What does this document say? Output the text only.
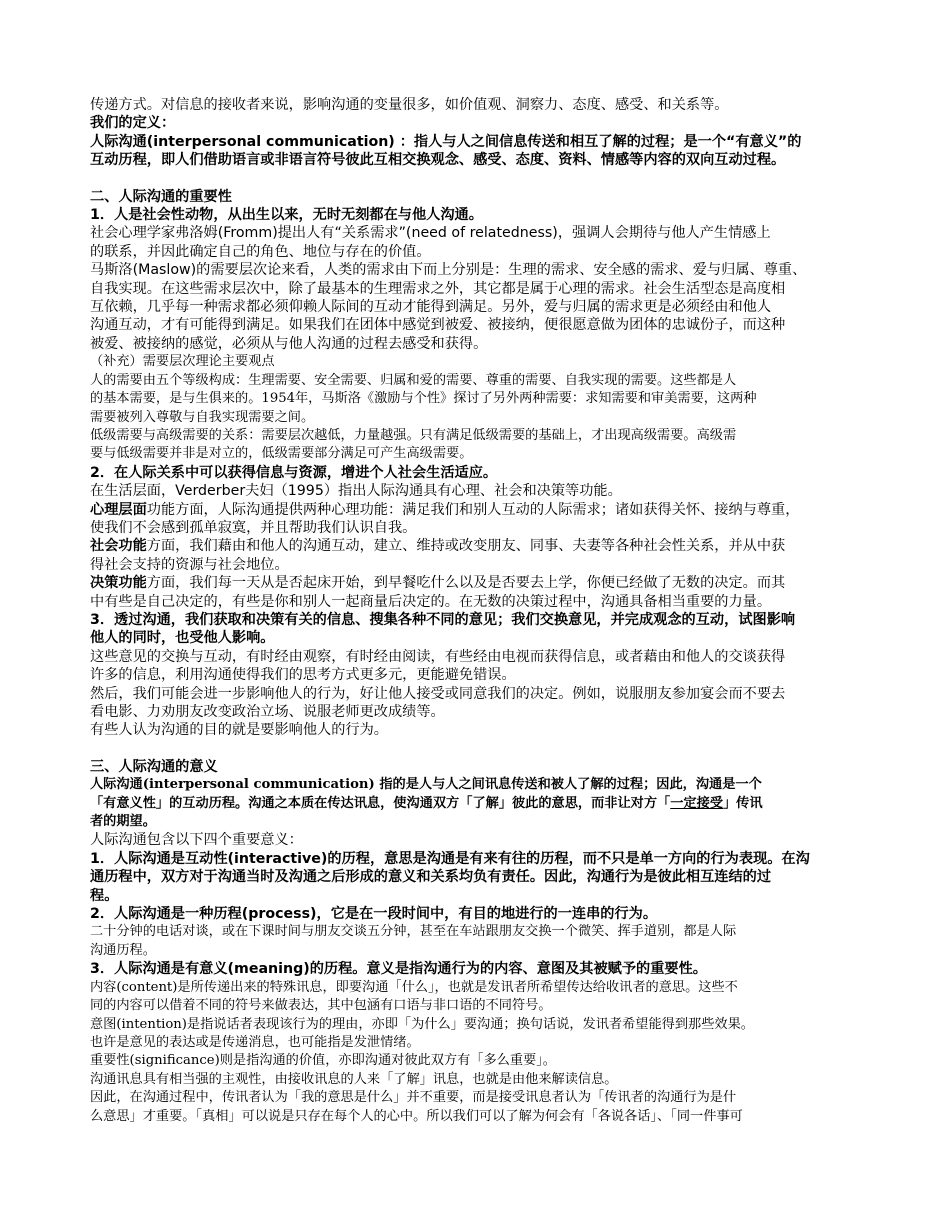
传递方式。对信息的接收者来说，影响沟通的变量很多，如价值观、洞察力、态度、感受、和关系等。
我们的定义：
人际沟通(interpersonal communication) ：指人与人之间信息传送和相互了解的过程；是一个“有意义”的
互动历程，即人们借助语言或非语言符号彼此互相交换观念、感受、态度、资料、情感等内容的双向互动过程。
二、人际沟通的重要性
1．人是社会性动物，从出生以来，无时无刻都在与他人沟通。
社会心理学家弗洛姆(Fromm)提出人有“关系需求”(need of relatedness)，强调人会期待与他人产生情感上
的联系，并因此确定自己的角色、地位与存在的价值。
马斯洛(Maslow)的需要层次论来看，人类的需求由下而上分别是：生理的需求、安全感的需求、爱与归属、尊重、
自我实现。在这些需求层次中，除了最基本的生理需求之外，其它都是属于心理的需求。社会生活型态是高度相
互依赖，几乎每一种需求都必须仰赖人际间的互动才能得到满足。另外，爱与归属的需求更是必须经由和他人
沟通互动，才有可能得到满足。如果我们在团体中感觉到被爱、被接纳，便很愿意做为团体的忠诚份子，而这种
被爱、被接纳的感觉，必须从与他人沟通的过程去感受和获得。
（补充）需要层次理论主要观点
人的需要由五个等级构成：生理需要、安全需要、归属和爱的需要、尊重的需要、自我实现的需要。这些都是人
的基本需要，是与生俱来的。1954年，马斯洛《激励与个性》探讨了另外两种需要：求知需要和审美需要，这两种
需要被列入尊敬与自我实现需要之间。
低级需要与高级需要的关系：需要层次越低，力量越强。只有满足低级需要的基础上，才出现高级需要。高级需
要与低级需要并非是对立的，低级需要部分满足可产生高级需要。
2．在人际关系中可以获得信息与资源，增进个人社会生活适应。
在生活层面，Verderber夫妇（1995）指出人际沟通具有心理、社会和决策等功能。
心理层面功能方面，人际沟通提供两种心理功能：满足我们和别人互动的人际需求；诸如获得关怀、接纳与尊重，
使我们不会感到孤单寂寞，并且帮助我们认识自我。
社会功能方面，我们藉由和他人的沟通互动，建立、维持或改变朋友、同事、夫妻等各种社会性关系，并从中获
得社会支持的资源与社会地位。
决策功能方面，我们每一天从是否起床开始，到早餐吃什么以及是否要去上学，你便已经做了无数的决定。而其
中有些是自己决定的，有些是你和别人一起商量后决定的。在无数的决策过程中，沟通具备相当重要的力量。
3．透过沟通，我们获取和决策有关的信息、搜集各种不同的意见；我们交换意见，并完成观念的互动，试图影响
他人的同时，也受他人影响。
这些意见的交换与互动，有时经由观察，有时经由阅读，有些经由电视而获得信息，或者藉由和他人的交谈获得
许多的信息，利用沟通使得我们的思考方式更多元，更能避免错误。
然后，我们可能会进一步影响他人的行为，好让他人接受或同意我们的决定。例如，说服朋友参加宴会而不要去
看电影、力劝朋友改变政治立场、说服老师更改成绩等。
有些人认为沟通的目的就是要影响他人的行为。
三、人际沟通的意义
人际沟通(interpersonal communication) 指的是人与人之间讯息传送和被人了解的过程；因此，沟通是一个
「有意义性」的互动历程。沟通之本质在传达讯息，使沟通双方「了解」彼此的意思，而非让对方「一定接受」传讯
者的期望。
人际沟通包含以下四个重要意义：
1．人际沟通是互动性(interactive)的历程，意思是沟通是有来有往的历程，而不只是单一方向的行为表现。在沟
通历程中，双方对于沟通当时及沟通之后形成的意义和关系均负有责任。因此，沟通行为是彼此相互连结的过
程。
2．人际沟通是一种历程(process)，它是在一段时间中，有目的地进行的一连串的行为。
二十分钟的电话对谈，或在下课时间与朋友交谈五分钟，甚至在车站跟朋友交换一个微笑、挥手道别，都是人际
沟通历程。
3．人际沟通是有意义(meaning)的历程。意义是指沟通行为的内容、意图及其被赋予的重要性。
内容(content)是所传递出来的特殊讯息，即要沟通「什么」，也就是发讯者所希望传达给收讯者的意思。这些不
同的内容可以借着不同的符号来做表达，其中包涵有口语与非口语的不同符号。
意图(intention)是指说话者表现该行为的理由，亦即「为什么」要沟通；换句话说，发讯者希望能得到那些效果。
也许是意见的表达或是传递消息，也可能指是发泄情绪。
重要性(significance)则是指沟通的价值，亦即沟通对彼此双方有「多么重要」。
沟通讯息具有相当强的主观性，由接收讯息的人来「了解」讯息，也就是由他来解读信息。
因此，在沟通过程中，传讯者认为「我的意思是什么」并不重要，而是接受讯息者认为「传讯者的沟通行为是什
么意思」才重要。「真相」可以说是只存在每个人的心中。所以我们可以了解为何会有「各说各话」、「同一件事可
